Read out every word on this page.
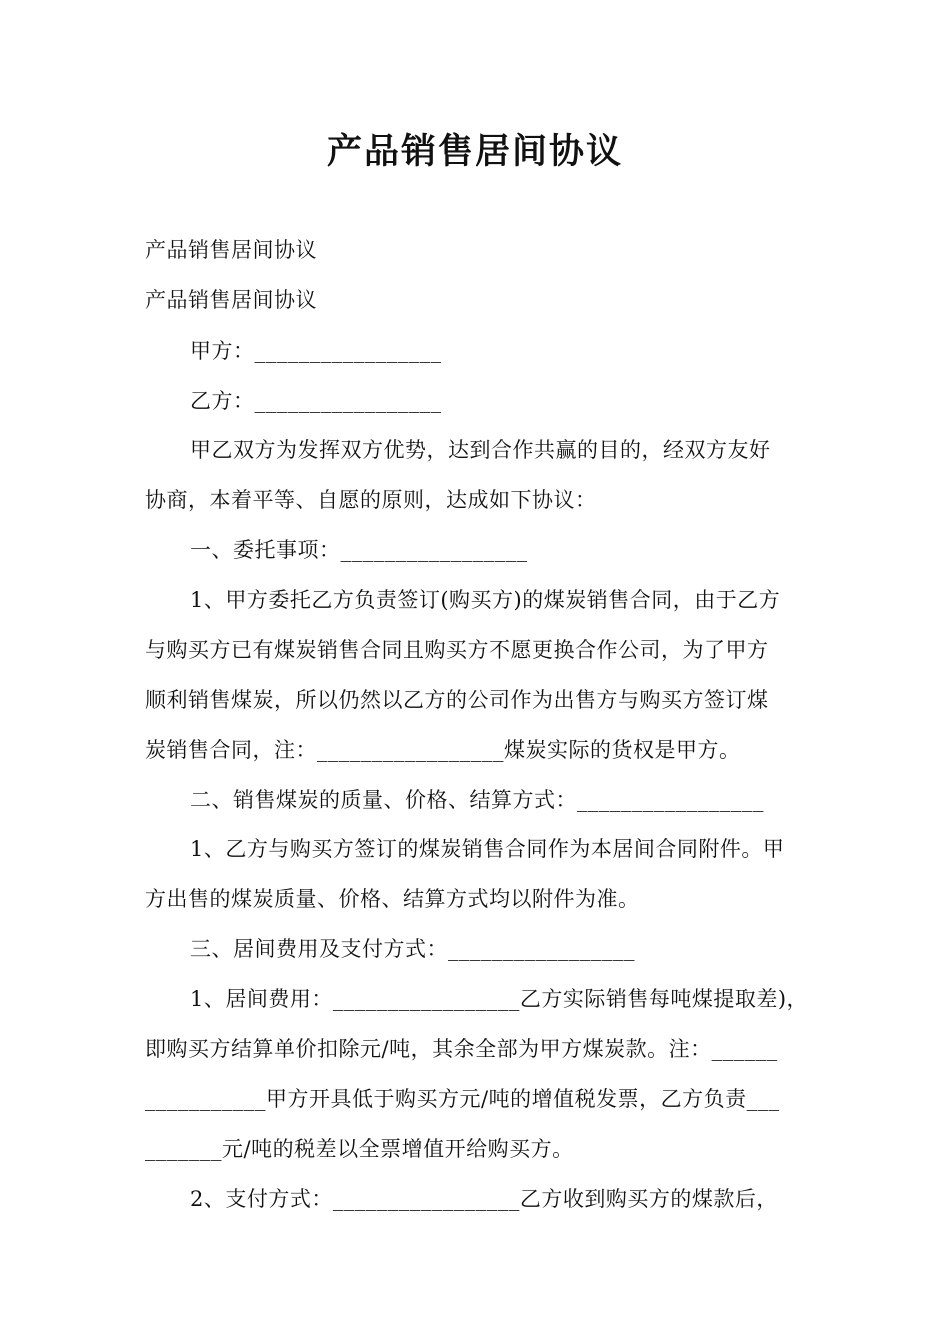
产品销售居间协议
产品销售居间协议
产品销售居间协议
甲方：_________________
乙方：_________________
甲乙双方为发挥双方优势，达到合作共赢的目的，经双方友好
协商，本着平等、自愿的原则，达成如下协议：
一、委托事项：_________________
1、甲方委托乙方负责签订(购买方)的煤炭销售合同，由于乙方
与购买方已有煤炭销售合同且购买方不愿更换合作公司，为了甲方
顺利销售煤炭，所以仍然以乙方的公司作为出售方与购买方签订煤
炭销售合同，注：_________________煤炭实际的货权是甲方。
二、销售煤炭的质量、价格、结算方式：_________________
1、乙方与购买方签订的煤炭销售合同作为本居间合同附件。甲
方出售的煤炭质量、价格、结算方式均以附件为准。
三、居间费用及支付方式：_________________
1、居间费用：_________________乙方实际销售每吨煤提取差)，
即购买方结算单价扣除元/吨，其余全部为甲方煤炭款。注：______
___________甲方开具低于购买方元/吨的增值税发票，乙方负责___
_______元/吨的税差以全票增值开给购买方。
2、支付方式：_________________乙方收到购买方的煤款后，
